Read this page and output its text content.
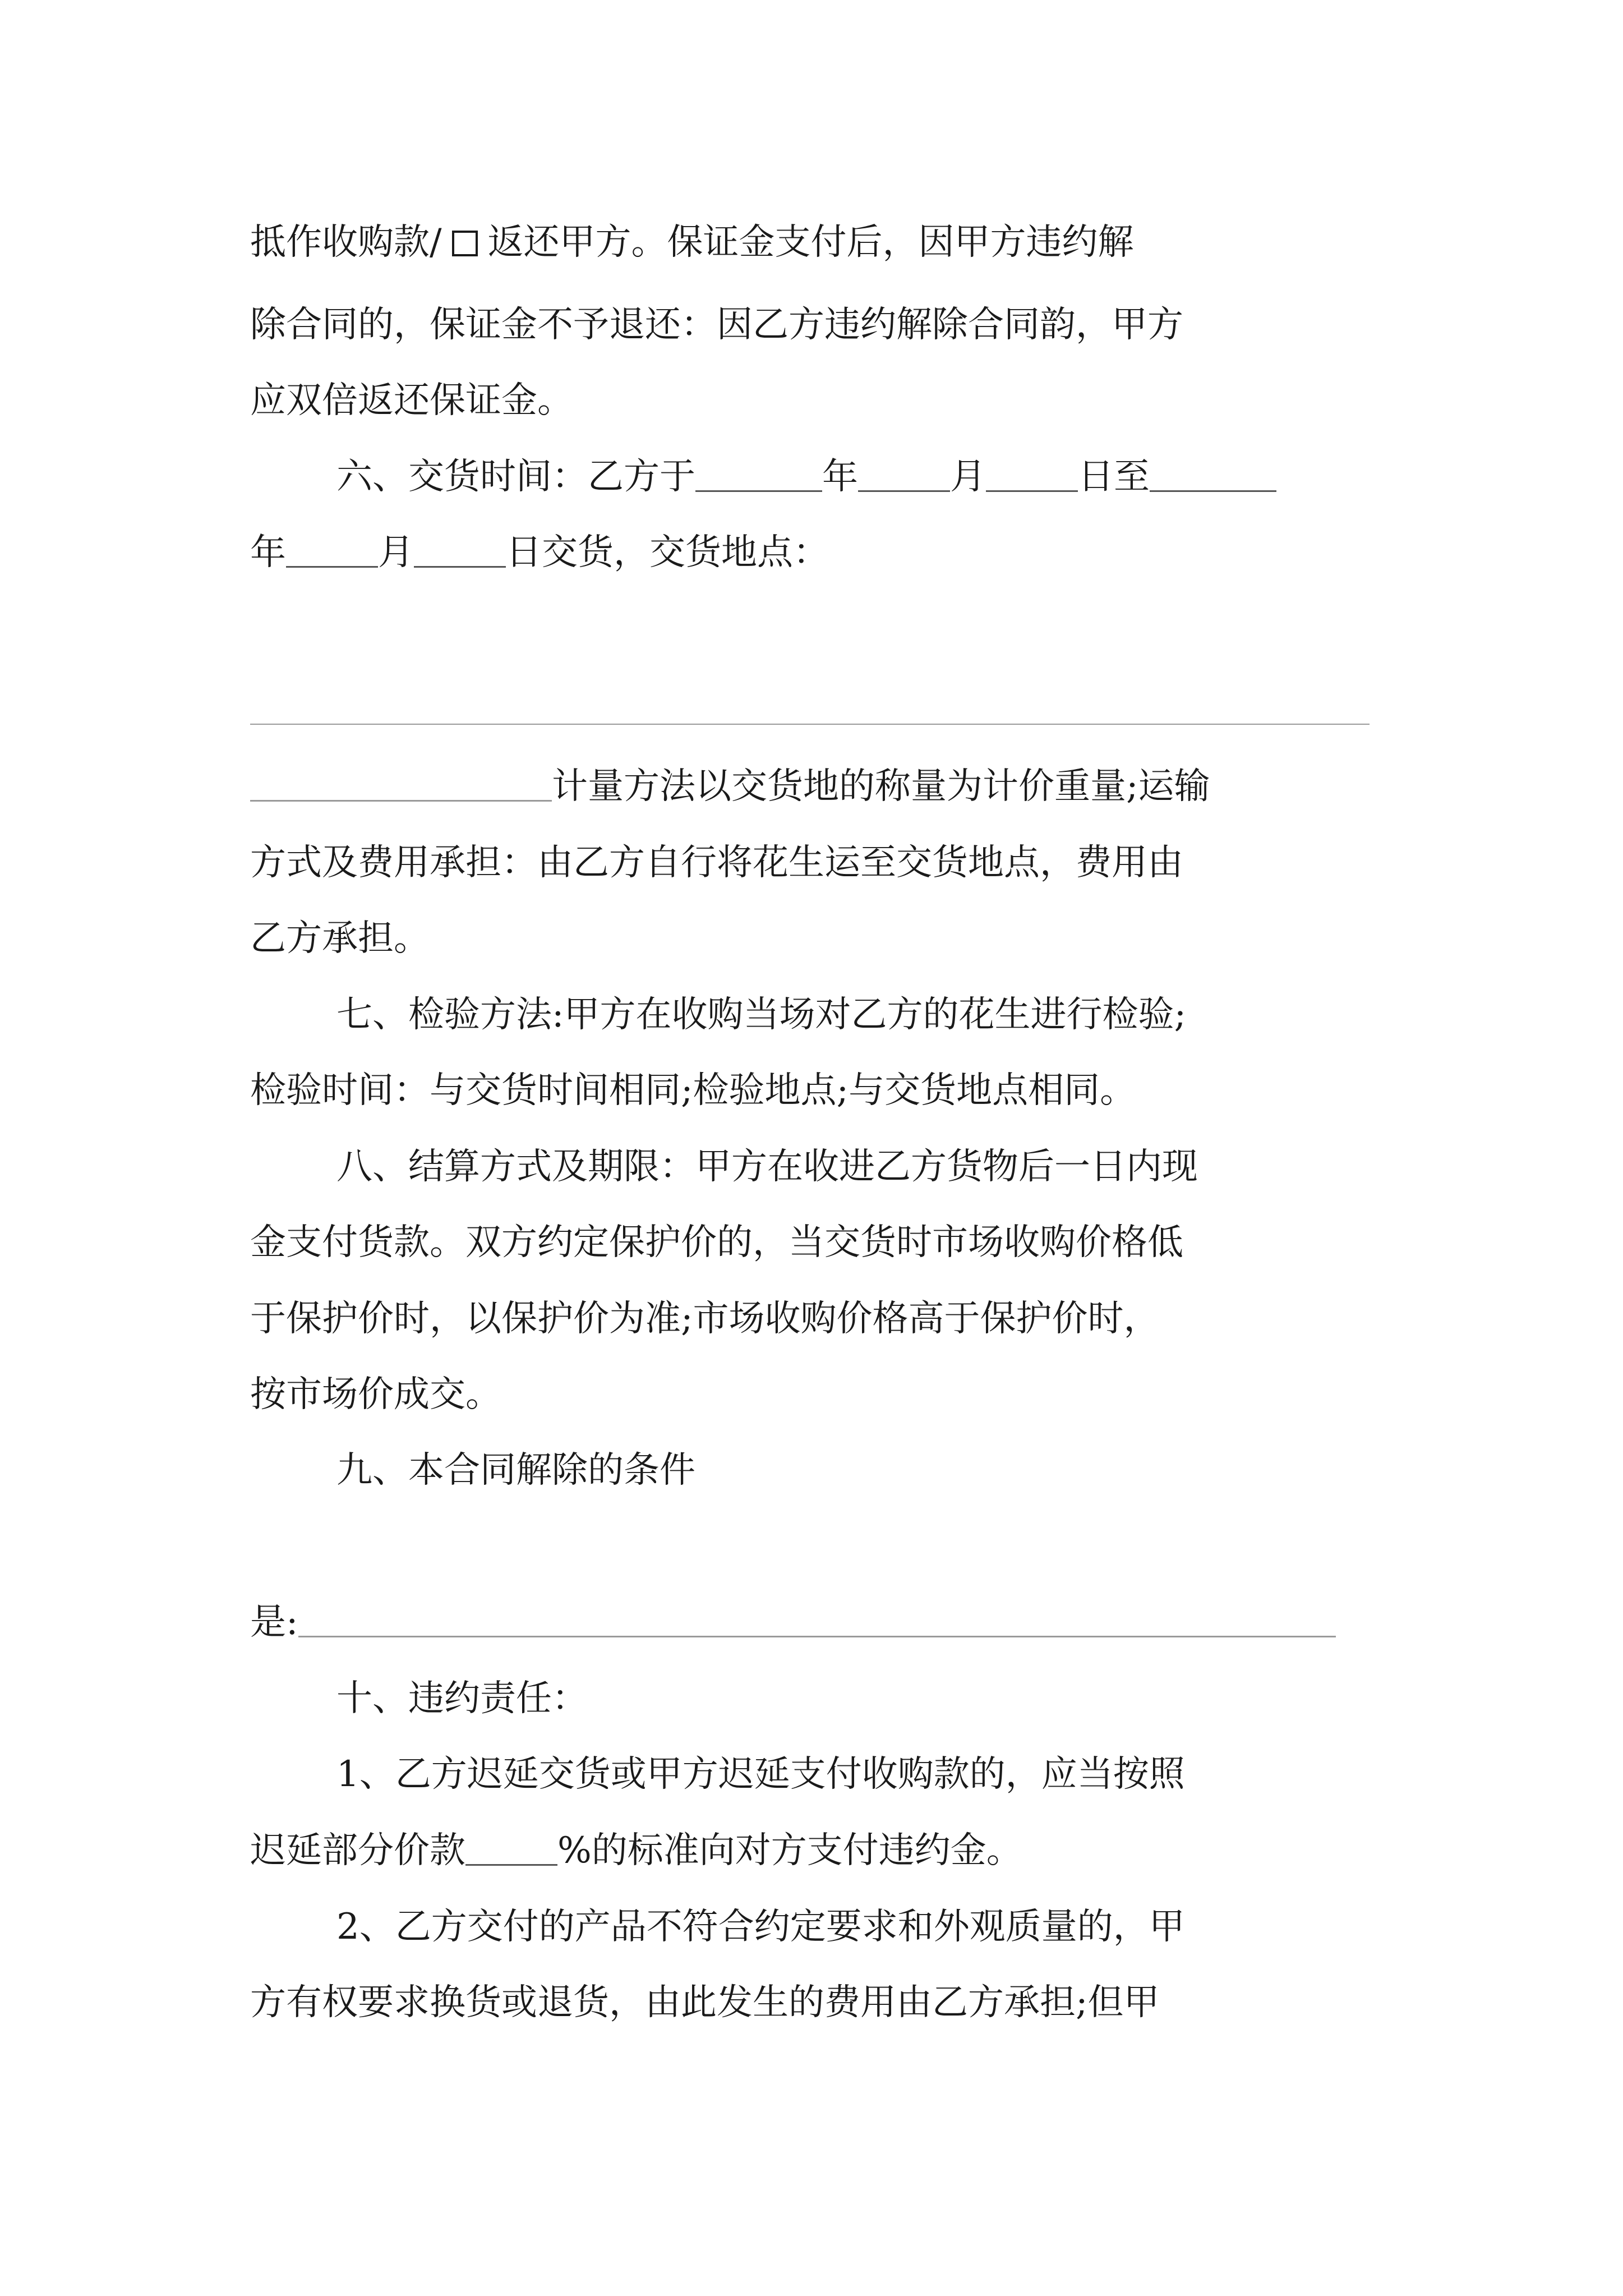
抵作收购款/ 返还甲方。保证金支付后，因甲方违约解
除合同的，保证金不予退还：因乙方违约解除合同韵，甲方
应双倍返还保证金。
六、交货时间：乙方于	年	月	日至
年	月	日交货，交货地点：
计量方法以交货地的称量为计价重量;运输
方式及费用承担：由乙方自行将花生运至交货地点，费用由
乙方承担。
七、检验方法:甲方在收购当场对乙方的花生进行检验;
检验时间：与交货时间相同;检验地点;与交货地点相同。
八、结算方式及期限：甲方在收进乙方货物后一日内现
金支付货款。双方约定保护价的，当交货时市场收购价格低
于保护价时，以保护价为准;市场收购价格高于保护价时，
按市场价成交。
九、本合同解除的条件
是:
十、违约责任：
1、乙方迟延交货或甲方迟延支付收购款的，应当按照
迟延部分价款	%的标准向对方支付违约金。
2、乙方交付的产品不符合约定要求和外观质量的，甲
方有权要求换货或退货，由此发生的费用由乙方承担;但甲
